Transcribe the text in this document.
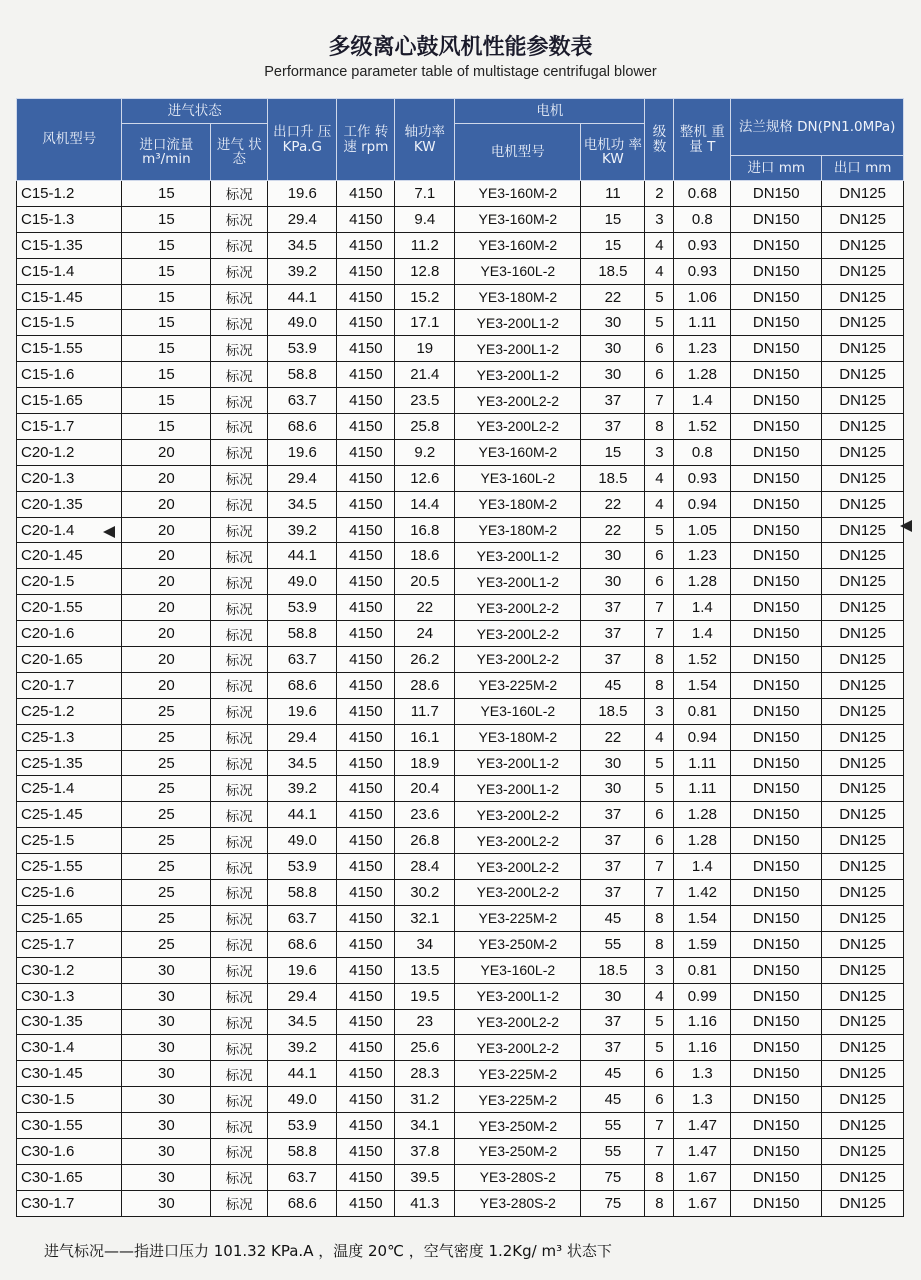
多级离心鼓风机性能参数表
Performance parameter table of multistage centrifugal blower
风机型号	进气状态		出口升 压 KPa.G	工作 转速 rpm	轴功率 KW	电机		级 数	整机 重量 T	法兰规格 DN(PN1.0MPa)	
	进口流量 m³/min	进气 状态				电机型号	电机功 率 KW				
										进口 mm	出口 mm
C15-1.2	15	标况	19.6	4150	7.1	YE3-160M-2	11	2	0.68	DN150	DN125
C15-1.3	15	标况	29.4	4150	9.4	YE3-160M-2	15	3	0.8	DN150	DN125
C15-1.35	15	标况	34.5	4150	11.2	YE3-160M-2	15	4	0.93	DN150	DN125
C15-1.4	15	标况	39.2	4150	12.8	YE3-160L-2	18.5	4	0.93	DN150	DN125
C15-1.45	15	标况	44.1	4150	15.2	YE3-180M-2	22	5	1.06	DN150	DN125
C15-1.5	15	标况	49.0	4150	17.1	YE3-200L1-2	30	5	1.11	DN150	DN125
C15-1.55	15	标况	53.9	4150	19	YE3-200L1-2	30	6	1.23	DN150	DN125
C15-1.6	15	标况	58.8	4150	21.4	YE3-200L1-2	30	6	1.28	DN150	DN125
C15-1.65	15	标况	63.7	4150	23.5	YE3-200L2-2	37	7	1.4	DN150	DN125
C15-1.7	15	标况	68.6	4150	25.8	YE3-200L2-2	37	8	1.52	DN150	DN125
C20-1.2	20	标况	19.6	4150	9.2	YE3-160M-2	15	3	0.8	DN150	DN125
C20-1.3	20	标况	29.4	4150	12.6	YE3-160L-2	18.5	4	0.93	DN150	DN125
C20-1.35	20	标况	34.5	4150	14.4	YE3-180M-2	22	4	0.94	DN150	DN125
C20-1.4	20	标况	39.2	4150	16.8	YE3-180M-2	22	5	1.05	DN150	DN125
C20-1.45	20	标况	44.1	4150	18.6	YE3-200L1-2	30	6	1.23	DN150	DN125
C20-1.5	20	标况	49.0	4150	20.5	YE3-200L1-2	30	6	1.28	DN150	DN125
C20-1.55	20	标况	53.9	4150	22	YE3-200L2-2	37	7	1.4	DN150	DN125
C20-1.6	20	标况	58.8	4150	24	YE3-200L2-2	37	7	1.4	DN150	DN125
C20-1.65	20	标况	63.7	4150	26.2	YE3-200L2-2	37	8	1.52	DN150	DN125
C20-1.7	20	标况	68.6	4150	28.6	YE3-225M-2	45	8	1.54	DN150	DN125
C25-1.2	25	标况	19.6	4150	11.7	YE3-160L-2	18.5	3	0.81	DN150	DN125
C25-1.3	25	标况	29.4	4150	16.1	YE3-180M-2	22	4	0.94	DN150	DN125
C25-1.35	25	标况	34.5	4150	18.9	YE3-200L1-2	30	5	1.11	DN150	DN125
C25-1.4	25	标况	39.2	4150	20.4	YE3-200L1-2	30	5	1.11	DN150	DN125
C25-1.45	25	标况	44.1	4150	23.6	YE3-200L2-2	37	6	1.28	DN150	DN125
C25-1.5	25	标况	49.0	4150	26.8	YE3-200L2-2	37	6	1.28	DN150	DN125
C25-1.55	25	标况	53.9	4150	28.4	YE3-200L2-2	37	7	1.4	DN150	DN125
C25-1.6	25	标况	58.8	4150	30.2	YE3-200L2-2	37	7	1.42	DN150	DN125
C25-1.65	25	标况	63.7	4150	32.1	YE3-225M-2	45	8	1.54	DN150	DN125
C25-1.7	25	标况	68.6	4150	34	YE3-250M-2	55	8	1.59	DN150	DN125
C30-1.2	30	标况	19.6	4150	13.5	YE3-160L-2	18.5	3	0.81	DN150	DN125
C30-1.3	30	标况	29.4	4150	19.5	YE3-200L1-2	30	4	0.99	DN150	DN125
C30-1.35	30	标况	34.5	4150	23	YE3-200L2-2	37	5	1.16	DN150	DN125
C30-1.4	30	标况	39.2	4150	25.6	YE3-200L2-2	37	5	1.16	DN150	DN125
C30-1.45	30	标况	44.1	4150	28.3	YE3-225M-2	45	6	1.3	DN150	DN125
C30-1.5	30	标况	49.0	4150	31.2	YE3-225M-2	45	6	1.3	DN150	DN125
C30-1.55	30	标况	53.9	4150	34.1	YE3-250M-2	55	7	1.47	DN150	DN125
C30-1.6	30	标况	58.8	4150	37.8	YE3-250M-2	55	7	1.47	DN150	DN125
C30-1.65	30	标况	63.7	4150	39.5	YE3-280S-2	75	8	1.67	DN150	DN125
C30-1.7	30	标况	68.6	4150	41.3	YE3-280S-2	75	8	1.67	DN150	DN125
进气标况——指进口压力 101.32 KPa.A ，温度 20℃ ，空气密度 1.2Kg/ m³ 状态下
